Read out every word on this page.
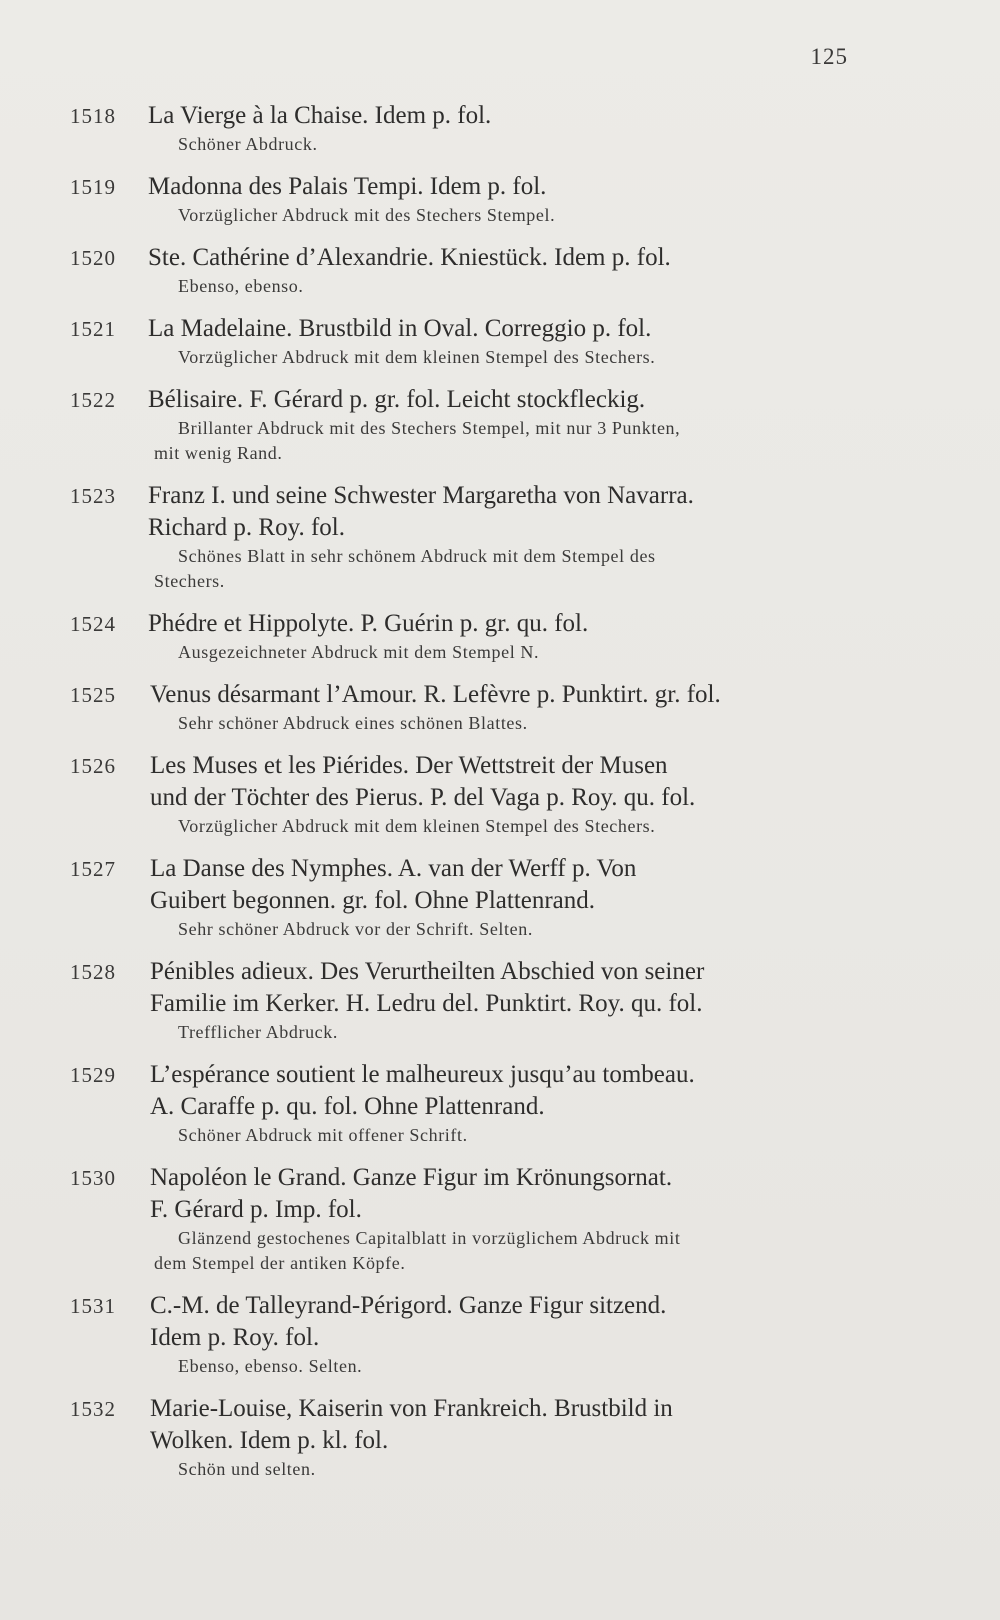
125
1518	La Vierge à la Chaise. Idem p. fol.
Schöner Abdruck.
1519	Madonna des Palais Tempi. Idem p. fol.
Vorzüglicher Abdruck mit des Stechers Stempel.
1520	Ste. Cathérine d’Alexandrie. Kniestück. Idem p. fol.
Ebenso, ebenso.
1521	La Madelaine. Brustbild in Oval. Correggio p. fol.
Vorzüglicher Abdruck mit dem kleinen Stempel des Stechers.
1522	Bélisaire. F. Gérard p. gr. fol. Leicht stockfleckig.
Brillanter Abdruck mit des Stechers Stempel, mit nur 3 Punkten,
mit wenig Rand.
1523	Franz I. und seine Schwester Margaretha von Navarra.
Richard p. Roy. fol.
Schönes Blatt in sehr schönem Abdruck mit dem Stempel des
Stechers.
1524	Phédre et Hippolyte. P. Guérin p. gr. qu. fol.
Ausgezeichneter Abdruck mit dem Stempel N.
1525	Venus désarmant l’Amour. R. Lefèvre p. Punktirt. gr. fol.
Sehr schöner Abdruck eines schönen Blattes.
1526	Les Muses et les Piérides. Der Wettstreit der Musen
und der Töchter des Pierus. P. del Vaga p. Roy. qu. fol.
Vorzüglicher Abdruck mit dem kleinen Stempel des Stechers.
1527	La Danse des Nymphes. A. van der Werff p. Von
Guibert begonnen. gr. fol. Ohne Plattenrand.
Sehr schöner Abdruck vor der Schrift. Selten.
1528	Pénibles adieux. Des Verurtheilten Abschied von seiner
Familie im Kerker. H. Ledru del. Punktirt. Roy. qu. fol.
Trefflicher Abdruck.
1529	L’espérance soutient le malheureux jusqu’au tombeau.
A. Caraffe p. qu. fol. Ohne Plattenrand.
Schöner Abdruck mit offener Schrift.
1530	Napoléon le Grand. Ganze Figur im Krönungsornat.
F. Gérard p. Imp. fol.
Glänzend gestochenes Capitalblatt in vorzüglichem Abdruck mit
dem Stempel der antiken Köpfe.
1531	C.-M. de Talleyrand-Périgord. Ganze Figur sitzend.
Idem p. Roy. fol.
Ebenso, ebenso. Selten.
1532	Marie-Louise, Kaiserin von Frankreich. Brustbild in
Wolken. Idem p. kl. fol.
Schön und selten.
